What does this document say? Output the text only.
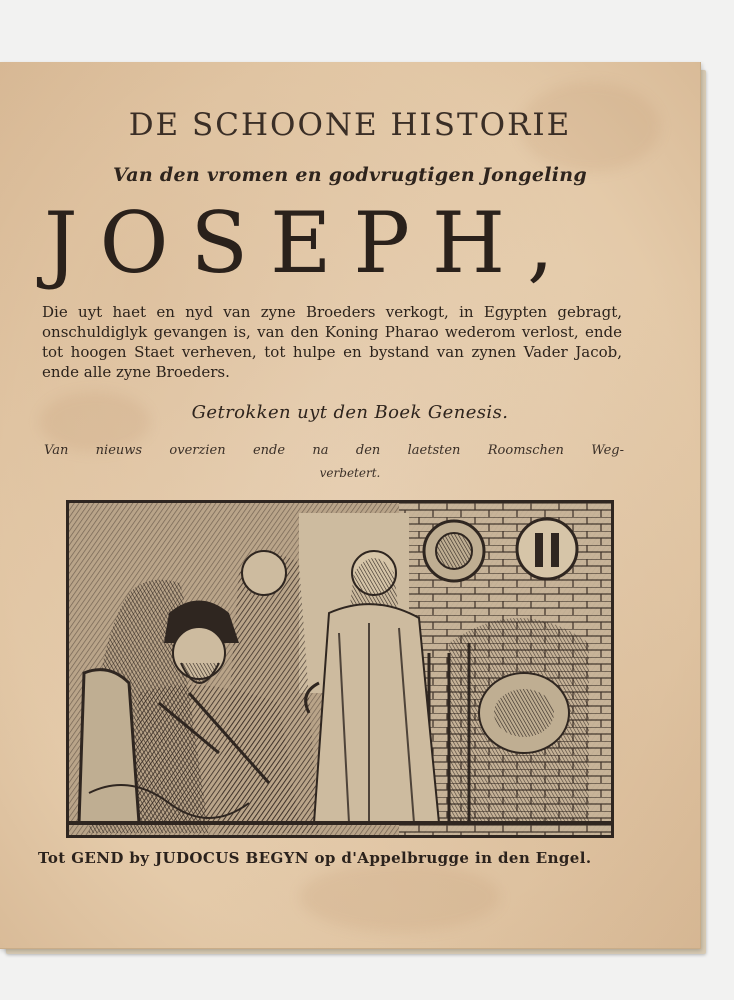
DE SCHOONE HISTORIE
Van den vromen en godvrugtigen Jongeling
JOSEPH,
Die uyt haet en nyd van zyne Broeders verkogt, in Egypten gebragt, onschuldiglyk gevangen is, van den Koning Pharao wederom verlost, ende tot hoogen Staet verheven, tot hulpe en bystand van zynen Vader Jacob, ende alle zyne Broeders.
Getrokken uyt den Boek Genesis.
Van nieuws overzien ende na den laetsten Roomschen Weg-
verbetert.
Tot GEND by JUDOCUS BEGYN op d'Appelbrugge in den Engel.
